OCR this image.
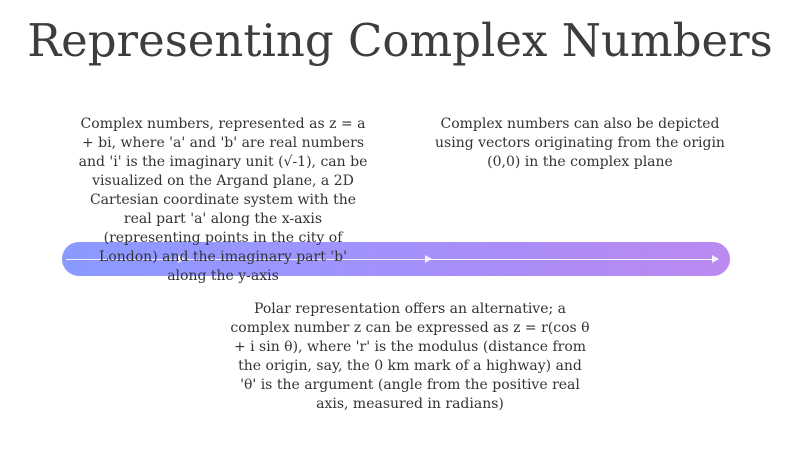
Representing Complex Numbers
Complex numbers, represented as z = a + bi, where 'a' and 'b' are real numbers and 'i' is the imaginary unit (√-1), can be visualized on the Argand plane, a 2D Cartesian coordinate system with the real part 'a' along the x-axis (representing points in the city of London) and the imaginary part 'b' along the y-axis
Complex numbers can also be depicted using vectors originating from the origin (0,0) in the complex plane
Polar representation offers an alternative; a complex number z can be expressed as z = r(cos θ + i sin θ), where 'r' is the modulus (distance from the origin, say, the 0 km mark of a highway) and 'θ' is the argument (angle from the positive real axis, measured in radians)
